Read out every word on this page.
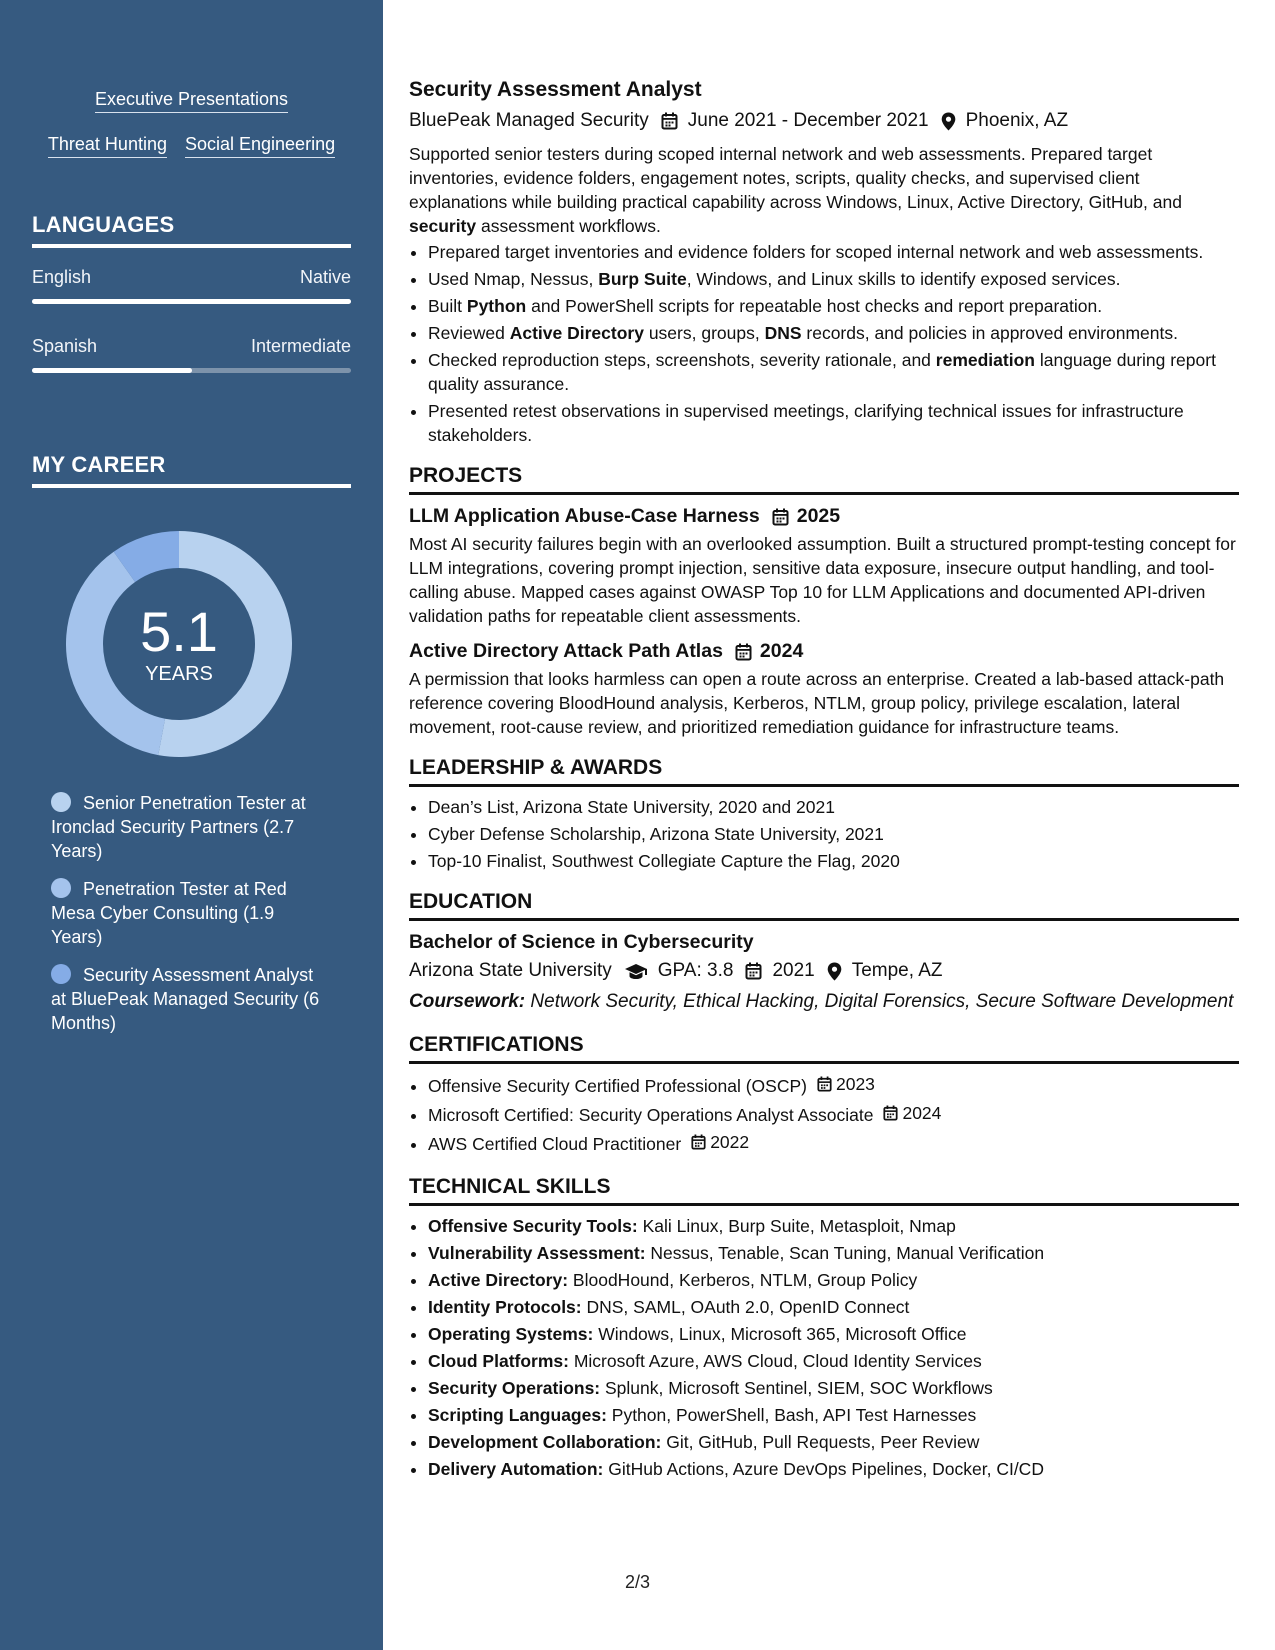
Executive Presentations
Threat Hunting Social Engineering
LANGUAGES
English	Native
Spanish	Intermediate
MY CAREER
5.1
YEARS
Senior Penetration Tester at Ironclad Security Partners (2.7 Years)
Penetration Tester at Red Mesa Cyber Consulting (1.9 Years)
Security Assessment Analyst at BluePeak Managed Security (6 Months)
Security Assessment Analyst
BluePeak Managed Security June 2021 - December 2021 Phoenix, AZ
Supported senior testers during scoped internal network and web assessments. Prepared target inventories, evidence folders, engagement notes, scripts, quality checks, and supervised client explanations while building practical capability across Windows, Linux, Active Directory, GitHub, and security assessment workflows.
• Prepared target inventories and evidence folders for scoped internal network and web assessments.
• Used Nmap, Nessus, Burp Suite, Windows, and Linux skills to identify exposed services.
• Built Python and PowerShell scripts for repeatable host checks and report preparation.
• Reviewed Active Directory users, groups, DNS records, and policies in approved environments.
• Checked reproduction steps, screenshots, severity rationale, and remediation language during report quality assurance.
• Presented retest observations in supervised meetings, clarifying technical issues for infrastructure stakeholders.
PROJECTS
LLM Application Abuse-Case Harness 2025
Most AI security failures begin with an overlooked assumption. Built a structured prompt-testing concept for LLM integrations, covering prompt injection, sensitive data exposure, insecure output handling, and tool-calling abuse. Mapped cases against OWASP Top 10 for LLM Applications and documented API-driven validation paths for repeatable client assessments.
Active Directory Attack Path Atlas 2024
A permission that looks harmless can open a route across an enterprise. Created a lab-based attack-path reference covering BloodHound analysis, Kerberos, NTLM, group policy, privilege escalation, lateral movement, root-cause review, and prioritized remediation guidance for infrastructure teams.
LEADERSHIP & AWARDS
• Dean’s List, Arizona State University, 2020 and 2021
• Cyber Defense Scholarship, Arizona State University, 2021
• Top-10 Finalist, Southwest Collegiate Capture the Flag, 2020
EDUCATION
Bachelor of Science in Cybersecurity
Arizona State University GPA: 3.8 2021 Tempe, AZ
Coursework: Network Security, Ethical Hacking, Digital Forensics, Secure Software Development
CERTIFICATIONS
• Offensive Security Certified Professional (OSCP) 2023
• Microsoft Certified: Security Operations Analyst Associate 2024
• AWS Certified Cloud Practitioner 2022
TECHNICAL SKILLS
• Offensive Security Tools: Kali Linux, Burp Suite, Metasploit, Nmap
• Vulnerability Assessment: Nessus, Tenable, Scan Tuning, Manual Verification
• Active Directory: BloodHound, Kerberos, NTLM, Group Policy
• Identity Protocols: DNS, SAML, OAuth 2.0, OpenID Connect
• Operating Systems: Windows, Linux, Microsoft 365, Microsoft Office
• Cloud Platforms: Microsoft Azure, AWS Cloud, Cloud Identity Services
• Security Operations: Splunk, Microsoft Sentinel, SIEM, SOC Workflows
• Scripting Languages: Python, PowerShell, Bash, API Test Harnesses
• Development Collaboration: Git, GitHub, Pull Requests, Peer Review
• Delivery Automation: GitHub Actions, Azure DevOps Pipelines, Docker, CI/CD
2/3
